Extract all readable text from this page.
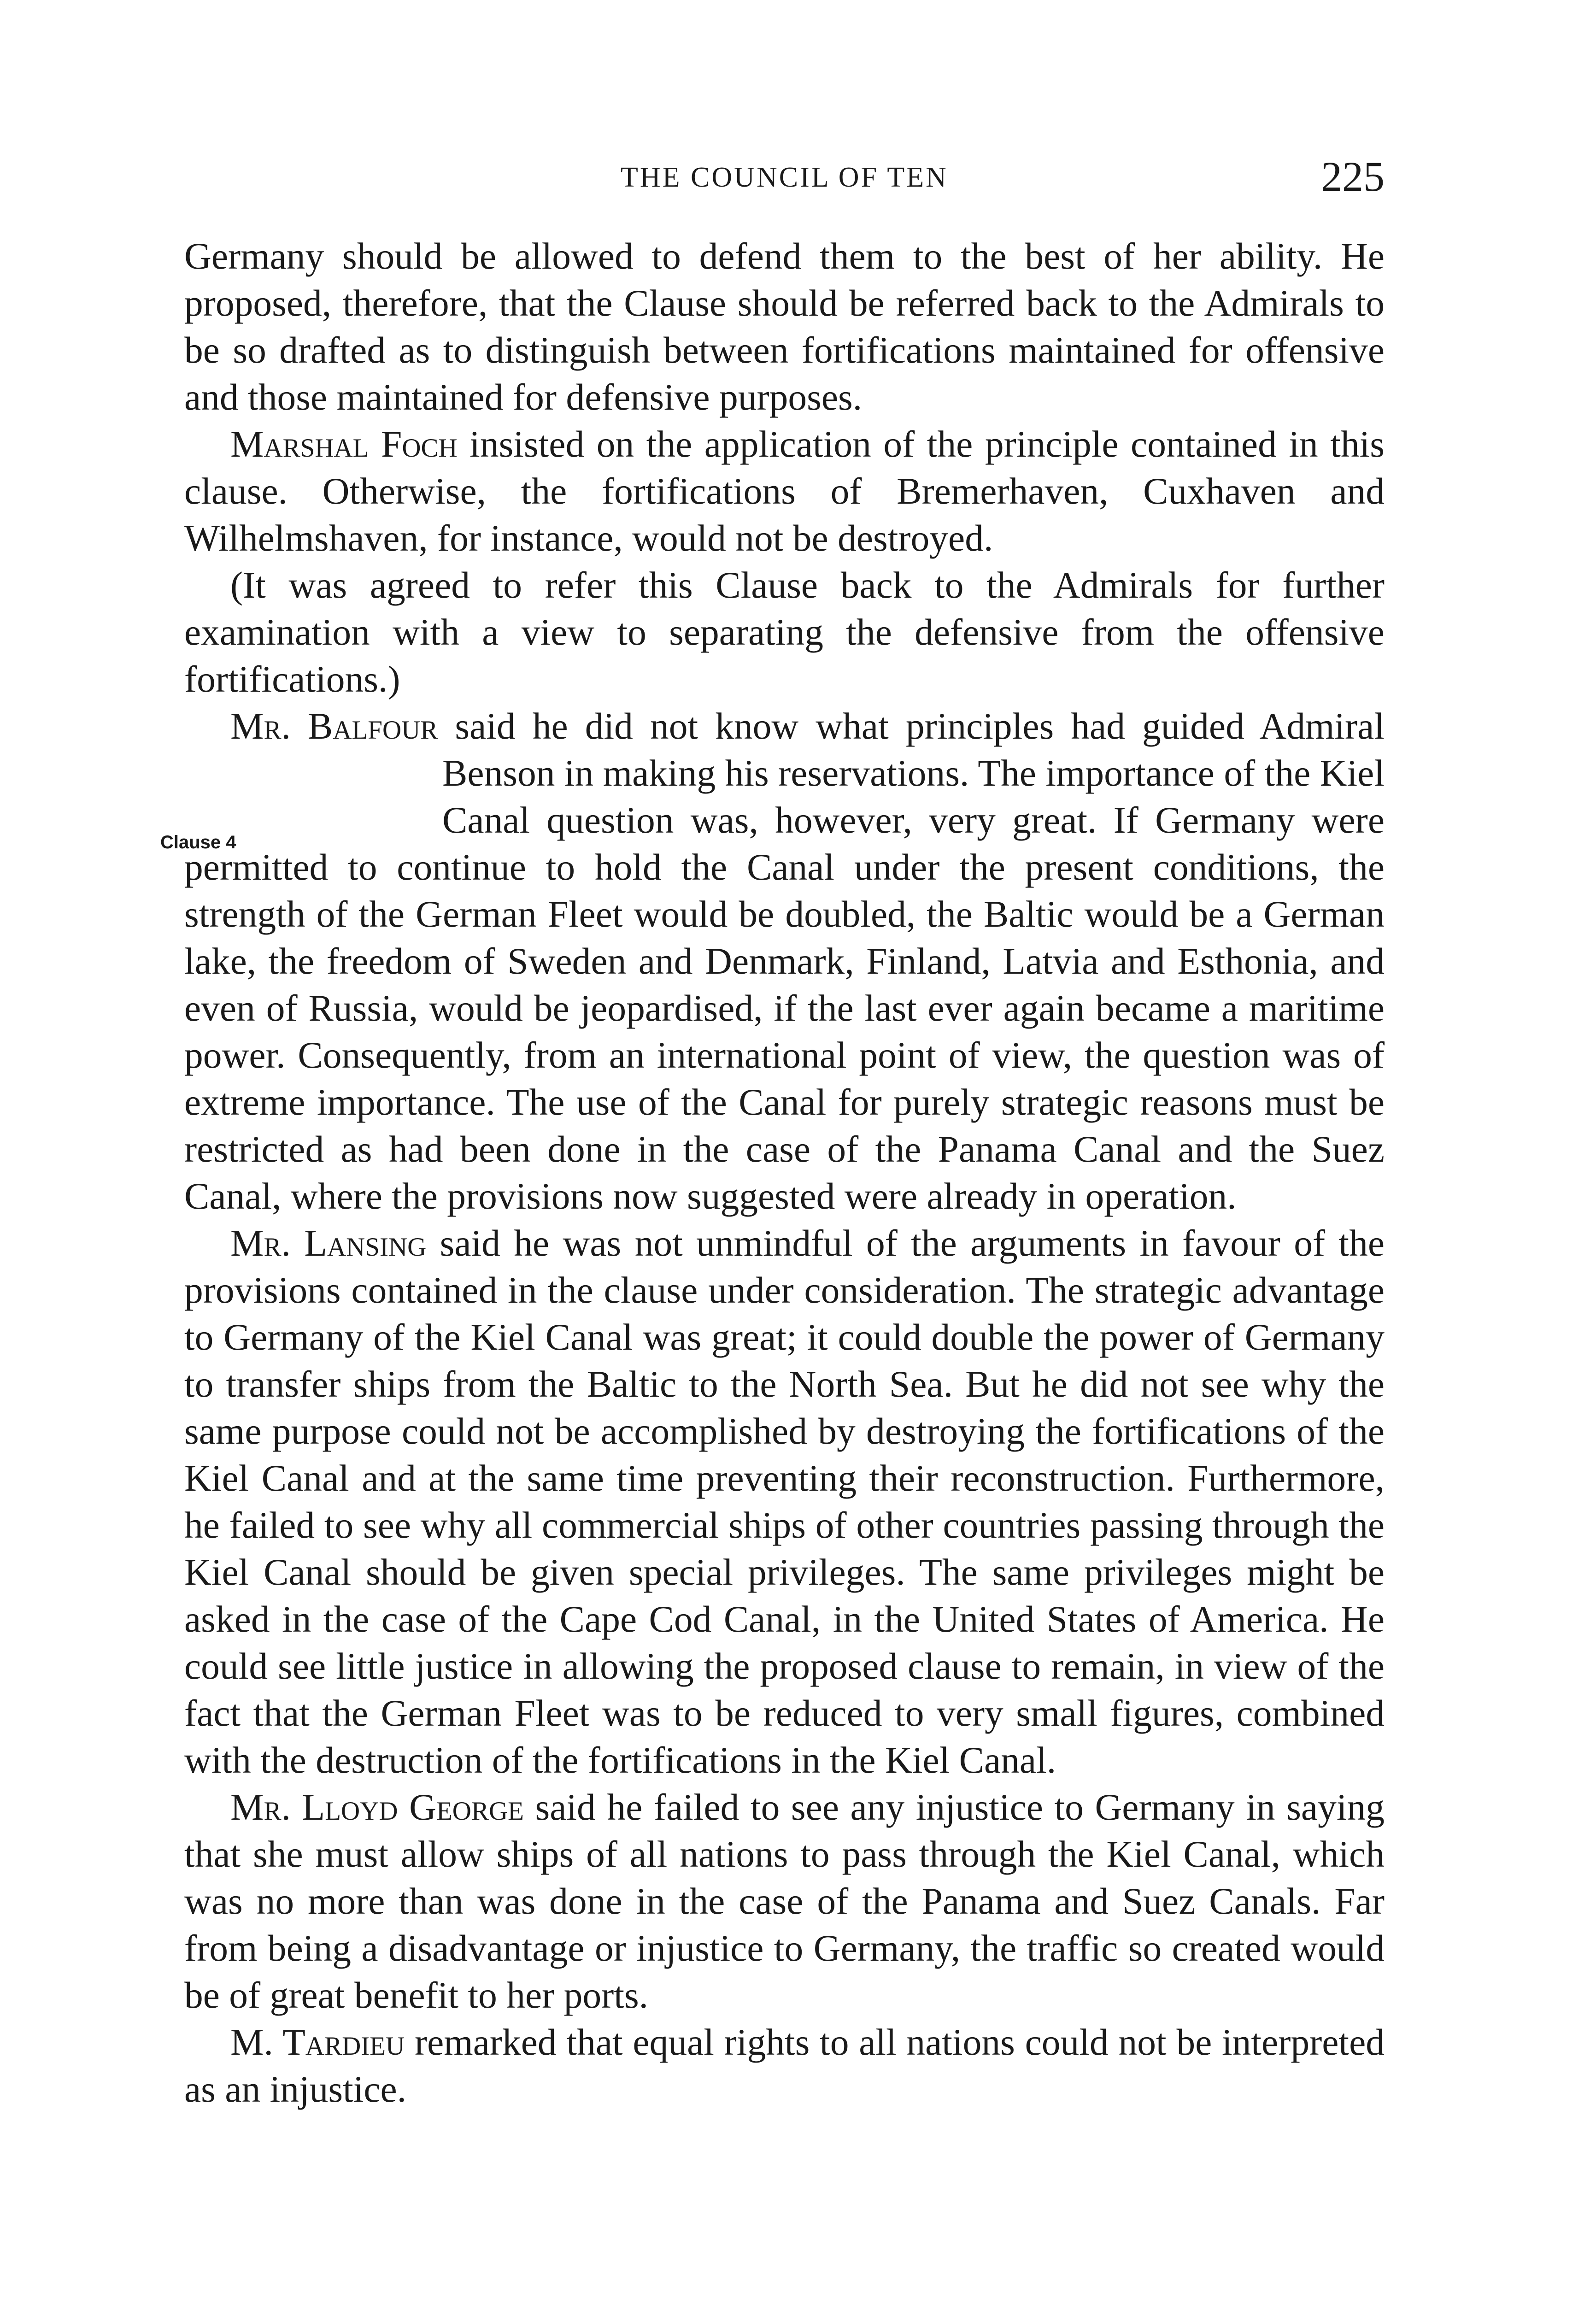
THE COUNCIL OF TEN	225
Clause 4

Germany should be allowed to defend them to the best of her ability. He proposed, therefore, that the Clause should be referred back to the Admirals to be so drafted as to distinguish between fortifications maintained for offensive and those maintained for defensive purposes.

Marshal Foch insisted on the application of the principle contained in this clause. Otherwise, the fortifications of Bremerhaven, Cuxhaven and Wilhelmshaven, for instance, would not be destroyed.

(It was agreed to refer this Clause back to the Admirals for further examination with a view to separating the defensive from the offensive fortifications.)

Mr. Balfour said he did not know what principles had guided Admiral Benson in making his reservations. The importance of the
Kiel Canal question was, however, very great. If Germany were permitted to continue to hold the Canal under the present conditions, the strength of the German Fleet would be doubled, the Baltic would be a German lake, the freedom of Sweden and Denmark, Finland, Latvia and Esthonia, and even of Russia, would be jeopardised, if the last ever again became a maritime power. Consequently, from an international point of view, the question was of extreme importance. The use of the Canal for purely strategic reasons must be restricted as had been done in the case of the Panama Canal and the Suez Canal, where the provisions now suggested were already in operation.

Mr. Lansing said he was not unmindful of the arguments in favour of the provisions contained in the clause under consideration. The strategic advantage to Germany of the Kiel Canal was great; it could double the power of Germany to transfer ships from the Baltic to the North Sea. But he did not see why the same purpose could not be accomplished by destroying the fortifications of the Kiel Canal and at the same time preventing their reconstruction. Furthermore, he failed to see why all commercial ships of other countries passing through the Kiel Canal should be given special privileges. The same privileges might be asked in the case of the Cape Cod Canal, in the United States of America. He could see little justice in allowing the proposed clause to remain, in view of the fact that the German Fleet was to be reduced to very small figures, combined with the destruction of the fortifications in the Kiel Canal.

Mr. Lloyd George said he failed to see any injustice to Germany in saying that she must allow ships of all nations to pass through the Kiel Canal, which was no more than was done in the case of the Panama and Suez Canals. Far from being a disadvantage or injustice to Germany, the traffic so created would be of great benefit to her ports.

M. Tardieu remarked that equal rights to all nations could not be interpreted as an injustice.
